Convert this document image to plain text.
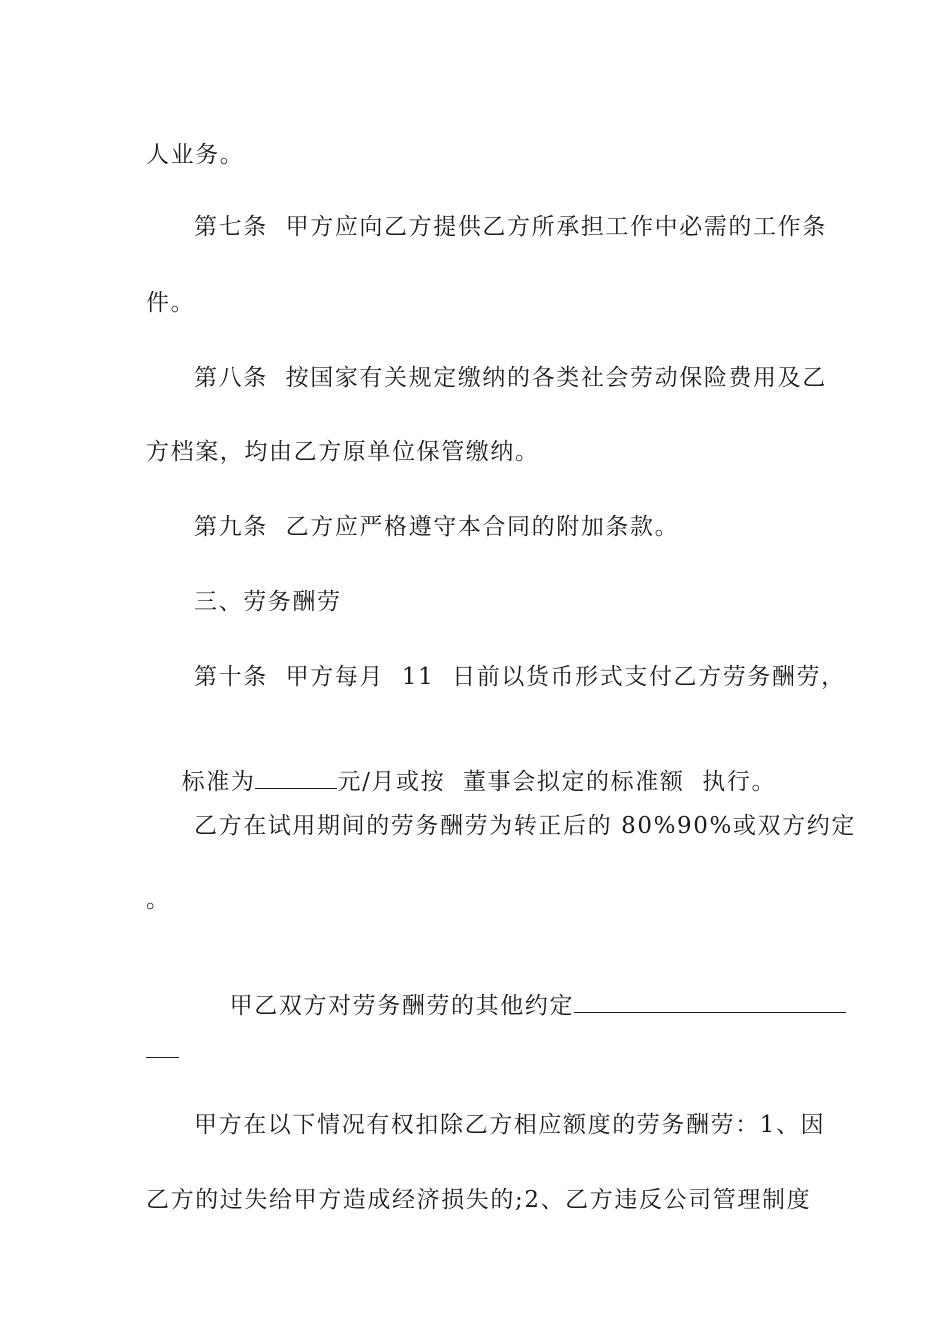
人业务。
第七条  甲方应向乙方提供乙方所承担工作中必需的工作条
件。
第八条  按国家有关规定缴纳的各类社会劳动保险费用及乙
方档案，均由乙方原单位保管缴纳。
第九条  乙方应严格遵守本合同的附加条款。
三、劳务酬劳
第十条  甲方每月  11  日前以货币形式支付乙方劳务酬劳，

标准为	元/月或按  董事会拟定的标准额  执行。

乙方在试用期间的劳务酬劳为转正后的 80%90%或双方约定
。

甲乙双方对劳务酬劳的其他约定

甲方在以下情况有权扣除乙方相应额度的劳务酬劳：1、因
乙方的过失给甲方造成经济损失的;2、乙方违反公司管理制度
